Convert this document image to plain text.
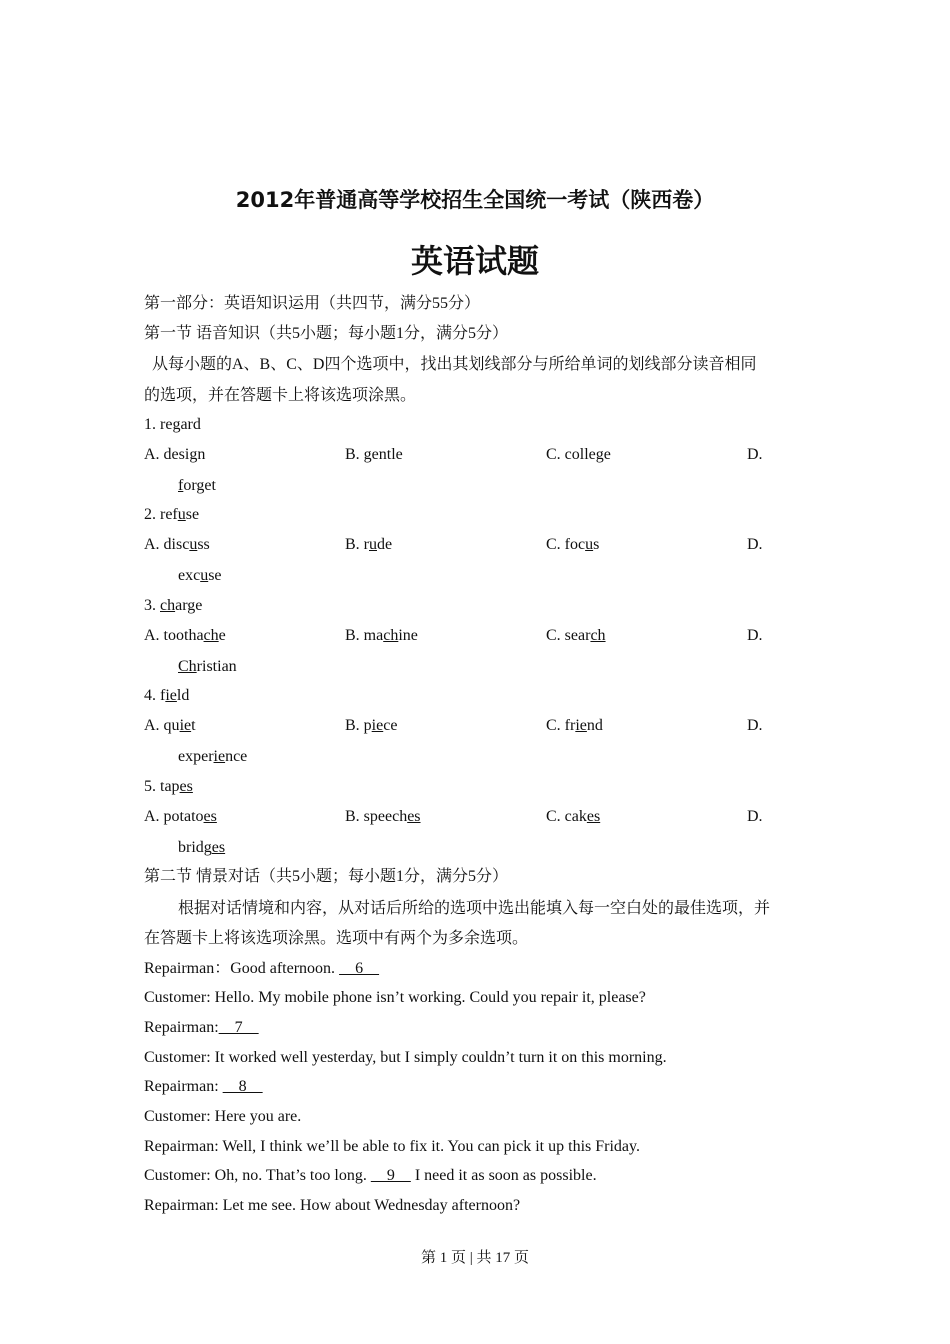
2012年普通高等学校招生全国统一考试（陕西卷）
英语试题
第一部分：英语知识运用（共四节，满分55分）
第一节 语音知识（共5小题；每小题1分，满分5分）
从每小题的A、B、C、D四个选项中，找出其划线部分与所给单词的划线部分读音相同
的选项，并在答题卡上将该选项涂黑。
1. regard
A. design	B. gentle	C. college	D.
forget
2. refuse
A. discuss	B. rude	C. focus	D.
excuse
3. charge
A. toothache	B. machine	C. search	D.
Christian
4. field
A. quiet	B. piece	C. friend	D.
experience
5. tapes
A. potatoes	B. speeches	C. cakes	D.
bridges
第二节 情景对话（共5小题；每小题1分，满分5分）
根据对话情境和内容，从对话后所给的选项中选出能填入每一空白处的最佳选项，并
在答题卡上将该选项涂黑。选项中有两个为多余选项。
Repairman：Good afternoon.     6
Customer: Hello. My mobile phone isn’t working. Could you repair it, please?
Repairman:    7
Customer: It worked well yesterday, but I simply couldn’t turn it on this morning.
Repairman:     8
Customer: Here you are.
Repairman: Well, I think we’ll be able to fix it. You can pick it up this Friday.
Customer: Oh, no. That’s too long.     9     I need it as soon as possible.
Repairman: Let me see. How about Wednesday afternoon?
第 1 页 | 共 17 页
